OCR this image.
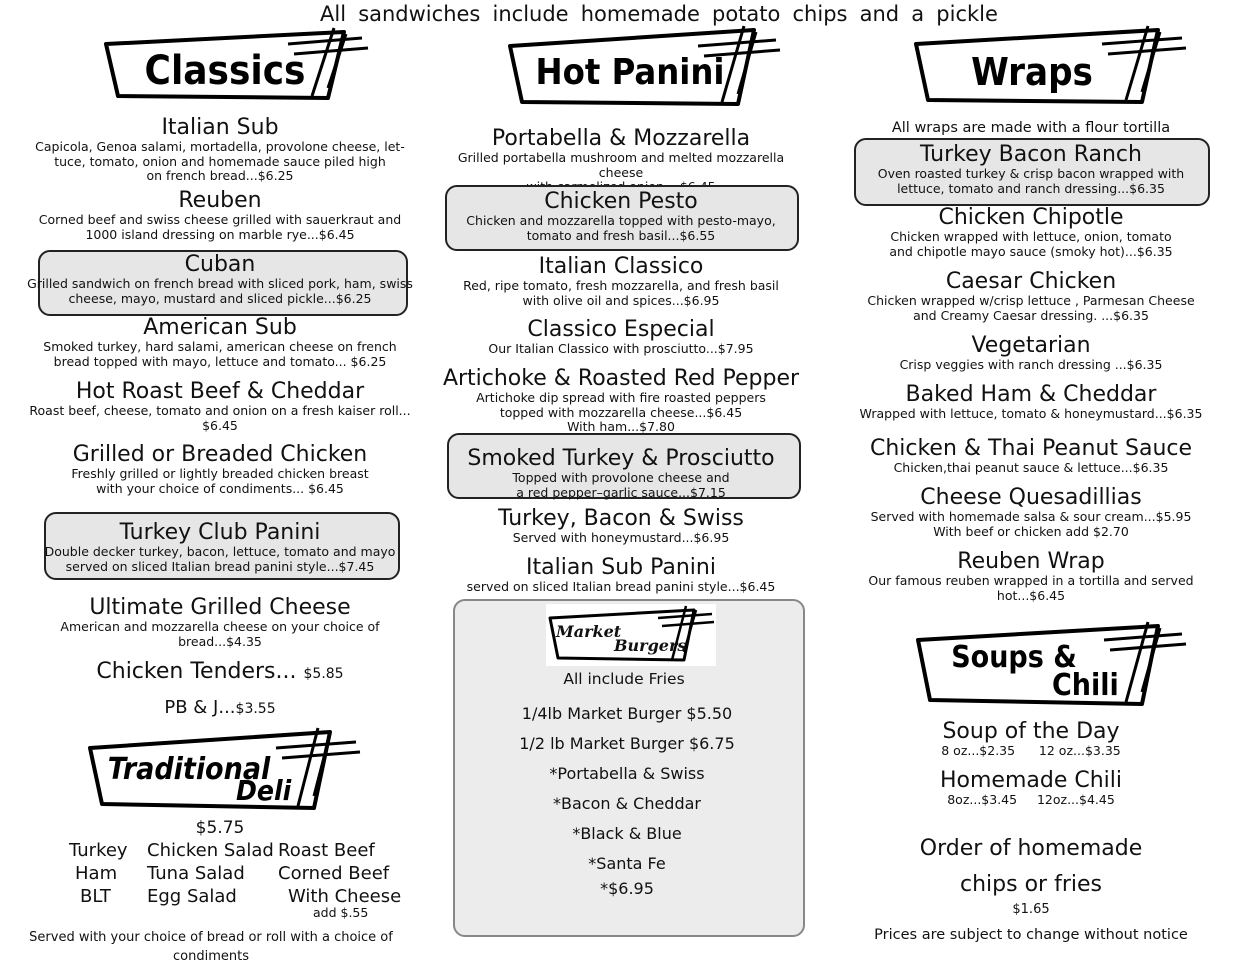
All sandwiches include homemade potato chips and a pickle
Classics
Italian Sub
Capicola, Genoa salami, mortadella, provolone cheese, let-
tuce, tomato, onion and homemade sauce piled high
on french bread...$6.25
Reuben
Corned beef and swiss cheese grilled with sauerkraut and
1000 island dressing on marble rye...$6.45
Cuban
Grilled sandwich on french bread with sliced pork, ham, swiss
cheese, mayo, mustard and sliced pickle...$6.25
American Sub
Smoked turkey, hard salami, american cheese on french
bread topped with mayo, lettuce and tomato... $6.25
Hot Roast Beef & Cheddar
Roast beef, cheese, tomato and onion on a fresh kaiser roll...
$6.45
Grilled or Breaded Chicken
Freshly grilled or lightly breaded chicken breast
with your choice of condiments... $6.45
Turkey Club Panini
Double decker turkey, bacon, lettuce, tomato and mayo
served on sliced Italian bread panini style...$7.45
Ultimate Grilled Cheese
American and mozzarella cheese on your choice of
bread...$4.35
Chicken Tenders... $5.85
PB & J...$3.55
Traditional
Deli
$5.75
Turkey
Ham
BLT
Chicken Salad
Tuna Salad
Egg Salad
Roast Beef
Corned Beef
With Cheese
add $.55
Served with your choice of bread or roll with a choice of condiments
Hot Panini
Portabella & Mozzarella
Grilled portabella mushroom and melted mozzarella cheese

Chicken Pesto
Chicken and mozzarella topped with pesto-mayo,
tomato and fresh basil...$6.55
Italian Classico
Red, ripe tomato, fresh mozzarella, and fresh basil
with olive oil and spices...$6.95
Classico Especial
Our Italian Classico with prosciutto...$7.95
Artichoke & Roasted Red Pepper
Artichoke dip spread with fire roasted peppers
topped with mozzarella cheese...$6.45
With ham...$7.80
Smoked Turkey & Prosciutto
Topped with provolone cheese and
a red pepper–garlic sauce...$7.15
Turkey, Bacon & Swiss
Served with honeymustard...$6.95
Italian Sub Panini
served on sliced Italian bread panini style...$6.45
Market
Burgers
All include Fries
1/4lb Market Burger $5.50
1/2 lb Market Burger $6.75
*Portabella & Swiss
*Bacon & Cheddar
*Black & Blue
*Santa Fe
*$6.95
Wraps
All wraps are made with a flour tortilla
Turkey Bacon Ranch
Oven roasted turkey & crisp bacon wrapped with
lettuce, tomato and ranch dressing...$6.35
Chicken Chipotle
Chicken wrapped with lettuce, onion, tomato
and chipotle mayo sauce (smoky hot)...$6.35
Caesar Chicken
Chicken wrapped w/crisp lettuce , Parmesan Cheese
and Creamy Caesar dressing. ...$6.35
Vegetarian
Crisp veggies with ranch dressing ...$6.35
Baked Ham & Cheddar
Wrapped with lettuce, tomato & honeymustard...$6.35
Chicken & Thai Peanut Sauce
Chicken,thai peanut sauce & lettuce...$6.35
Cheese Quesadillias
Served with homemade salsa & sour cream...$5.95
With beef or chicken add $2.70
Reuben Wrap
Our famous reuben wrapped in a tortilla and served
hot...$6.45
Soups &
Chili
Soup of the Day
8 oz...$2.35      12 oz...$3.35
Homemade Chili
8oz...$3.45     12oz...$4.45
Order of homemade
chips or fries
$1.65
Prices are subject to change without notice
